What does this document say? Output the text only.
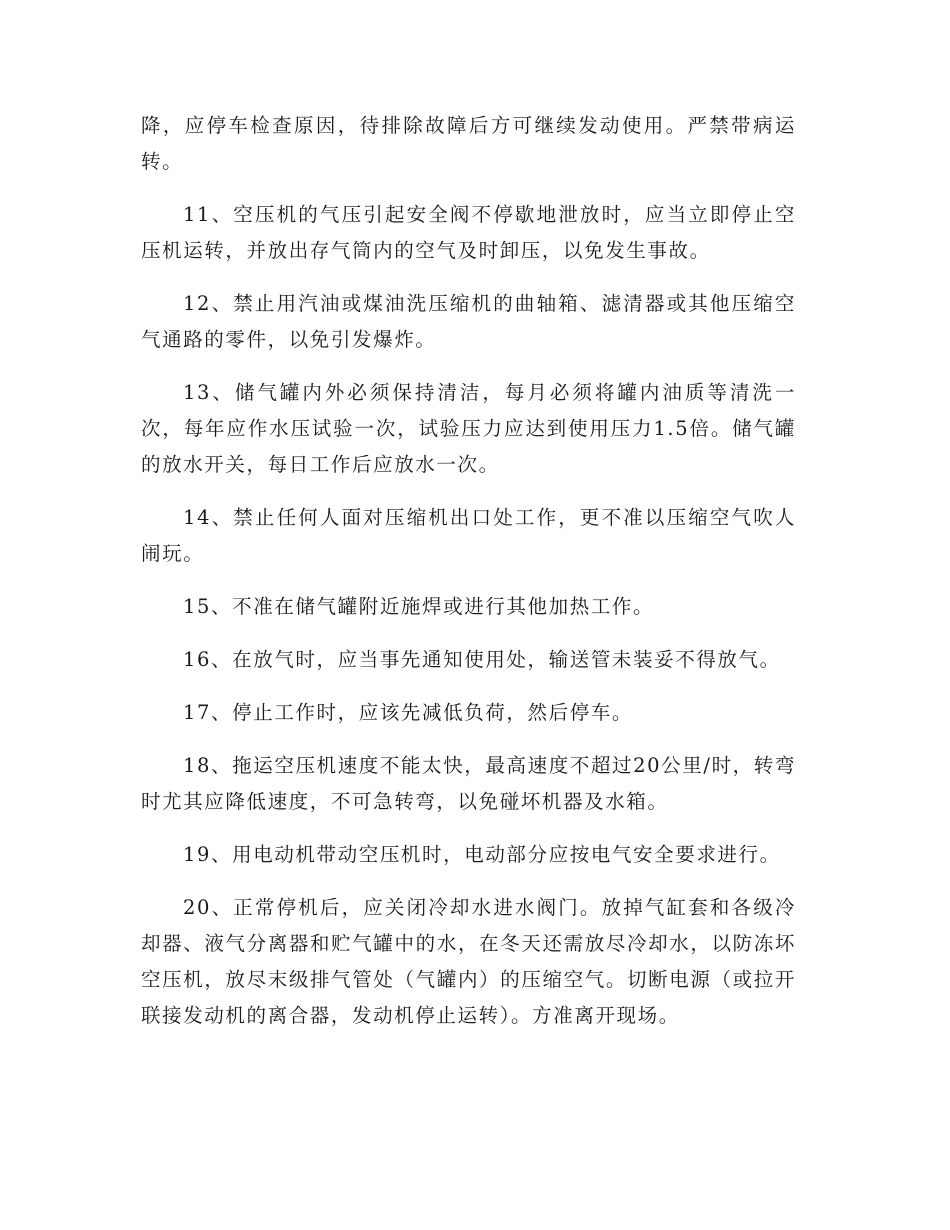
降，应停车检查原因，待排除故障后方可继续发动使用。严禁带病运转。

11、空压机的气压引起安全阀不停歇地泄放时，应当立即停止空压机运转，并放出存气筒内的空气及时卸压，以免发生事故。

12、禁止用汽油或煤油洗压缩机的曲轴箱、滤清器或其他压缩空气通路的零件，以免引发爆炸。

13、储气罐内外必须保持清洁，每月必须将罐内油质等清洗一次，每年应作水压试验一次，试验压力应达到使用压力1.5倍。储气罐的放水开关，每日工作后应放水一次。

14、禁止任何人面对压缩机出口处工作，更不准以压缩空气吹人闹玩。

15、不准在储气罐附近施焊或进行其他加热工作。

16、在放气时，应当事先通知使用处，输送管未装妥不得放气。

17、停止工作时，应该先减低负荷，然后停车。

18、拖运空压机速度不能太快，最高速度不超过20公里/时，转弯时尤其应降低速度，不可急转弯，以免碰坏机器及水箱。

19、用电动机带动空压机时，电动部分应按电气安全要求进行。

20、正常停机后，应关闭冷却水进水阀门。放掉气缸套和各级冷却器、液气分离器和贮气罐中的水，在冬天还需放尽冷却水，以防冻坏空压机，放尽末级排气管处（气罐内）的压缩空气。切断电源（或拉开联接发动机的离合器，发动机停止运转）。方准离开现场。
